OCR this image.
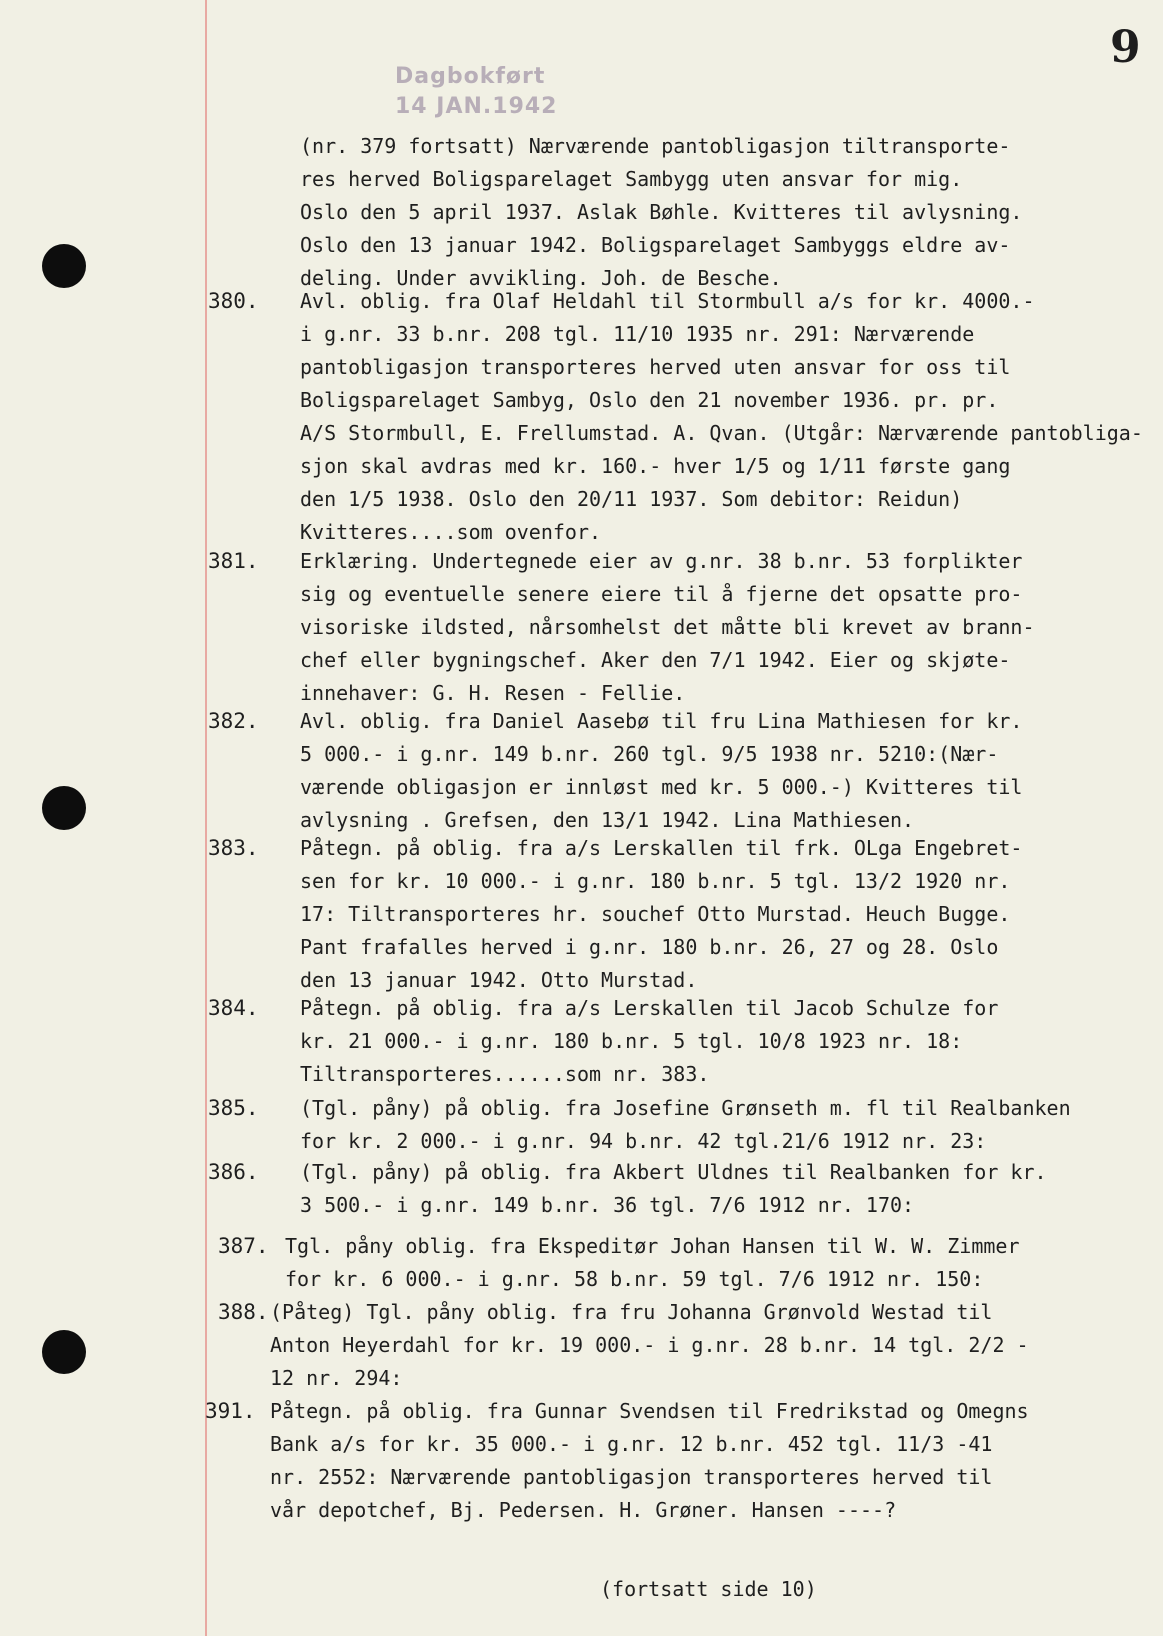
Dagbokført
14 JAN.1942
9
(nr. 379 fortsatt) Nærværende pantobligasjon tiltransporte-
res herved Boligsparelaget Sambygg uten ansvar for mig.
Oslo den 5 april 1937. Aslak Bøhle. Kvitteres til avlysning.
Oslo den 13 januar 1942. Boligsparelaget Sambyggs eldre av-
deling. Under avvikling. Joh. de Besche.
380. Avl. oblig. fra Olaf Heldahl til Stormbull a/s for kr. 4000.-
i g.nr. 33 b.nr. 208 tgl. 11/10 1935 nr. 291: Nærværende
pantobligasjon transporteres herved uten ansvar for oss til
Boligsparelaget Sambyg, Oslo den 21 november 1936. pr. pr.
A/S Stormbull, E. Frellumstad. A. Qvan. (Utgår: Nærværende pantobliga-
sjon skal avdras med kr. 160.- hver 1/5 og 1/11 første gang
den 1/5 1938. Oslo den 20/11 1937. Som debitor: Reidun)
Kvitteres....som ovenfor.
381. Erklæring. Undertegnede eier av g.nr. 38 b.nr. 53 forplikter
sig og eventuelle senere eiere til å fjerne det opsatte pro-
visoriske ildsted, nårsomhelst det måtte bli krevet av brann-
chef eller bygningschef. Aker den 7/1 1942. Eier og skjøte-
innehaver: G. H. Resen - Fellie.
382. Avl. oblig. fra Daniel Aasebø til fru Lina Mathiesen for kr.
5 000.- i g.nr. 149 b.nr. 260 tgl. 9/5 1938 nr. 5210:(Nær-
værende obligasjon er innløst med kr. 5 000.-) Kvitteres til
avlysning . Grefsen, den 13/1 1942. Lina Mathiesen.
383. Påtegn. på oblig. fra a/s Lerskallen til frk. OLga Engebret-
sen for kr. 10 000.- i g.nr. 180 b.nr. 5 tgl. 13/2 1920 nr.
17: Tiltransporteres hr. souchef Otto Murstad. Heuch Bugge.
Pant frafalles herved i g.nr. 180 b.nr. 26, 27 og 28. Oslo
den 13 januar 1942. Otto Murstad.
384. Påtegn. på oblig. fra a/s Lerskallen til Jacob Schulze for
kr. 21 000.- i g.nr. 180 b.nr. 5 tgl. 10/8 1923 nr. 18:
Tiltransporteres......som nr. 383.
385. (Tgl. påny) på oblig. fra Josefine Grønseth m. fl til Realbanken
for kr. 2 000.- i g.nr. 94 b.nr. 42 tgl.21/6 1912 nr. 23:
386. (Tgl. påny) på oblig. fra Akbert Uldnes til Realbanken for kr.
3 500.- i g.nr. 149 b.nr. 36 tgl. 7/6 1912 nr. 170:
387. Tgl. påny oblig. fra Ekspeditør Johan Hansen til W. W. Zimmer
for kr. 6 000.- i g.nr. 58 b.nr. 59 tgl. 7/6 1912 nr. 150:
388. (Påteg) Tgl. påny oblig. fra fru Johanna Grønvold Westad til
Anton Heyerdahl for kr. 19 000.- i g.nr. 28 b.nr. 14 tgl. 2/2 -
12 nr. 294:
391. Påtegn. på oblig. fra Gunnar Svendsen til Fredrikstad og Omegns
Bank a/s for kr. 35 000.- i g.nr. 12 b.nr. 452 tgl. 11/3 -41
nr. 2552: Nærværende pantobligasjon transporteres herved til
vår depotchef, Bj. Pedersen. H. Grøner. Hansen ----?
(fortsatt side 10)
